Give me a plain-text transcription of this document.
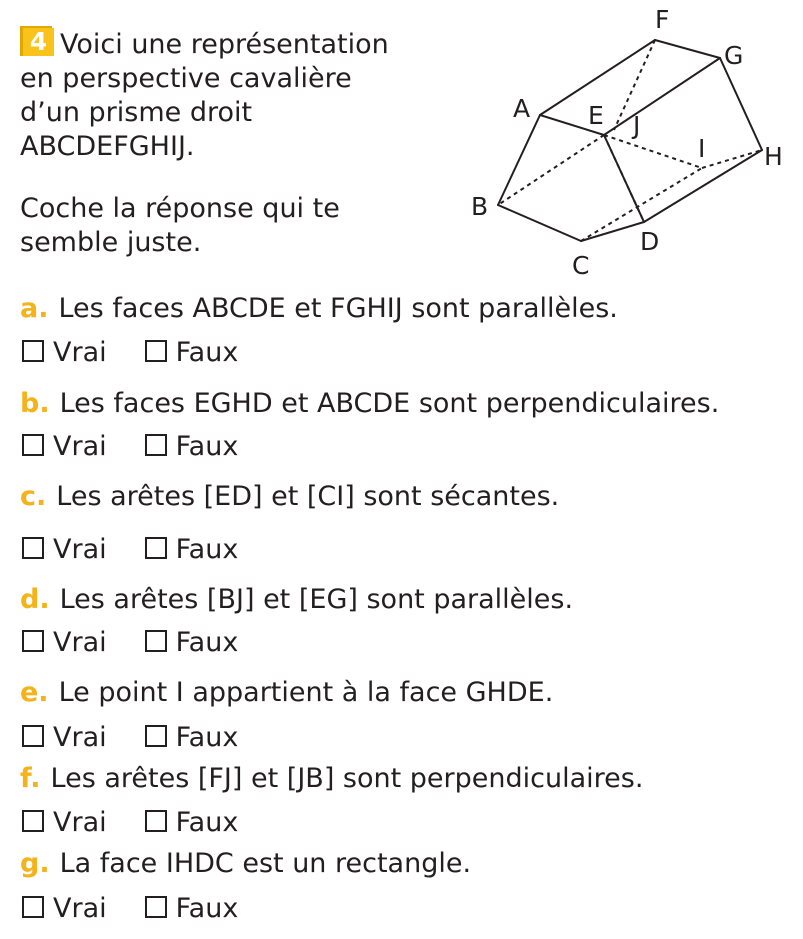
4 Voici une représentation
en perspective cavalière
d’un prisme droit
ABCDEFGHIJ.
Coche la réponse qui te
semble juste.
A
B
C
D
E
F
G
H
I
J
a. Les faces ABCDE et FGHIJ sont parallèles.
Vrai	Faux
b. Les faces EGHD et ABCDE sont perpendiculaires.
Vrai	Faux
c. Les arêtes [ED] et [CI] sont sécantes.
Vrai	Faux
d. Les arêtes [BJ] et [EG] sont parallèles.
Vrai	Faux
e. Le point I appartient à la face GHDE.
Vrai	Faux
f. Les arêtes [FJ] et [JB] sont perpendiculaires.
Vrai	Faux
g. La face IHDC est un rectangle.
Vrai	Faux
